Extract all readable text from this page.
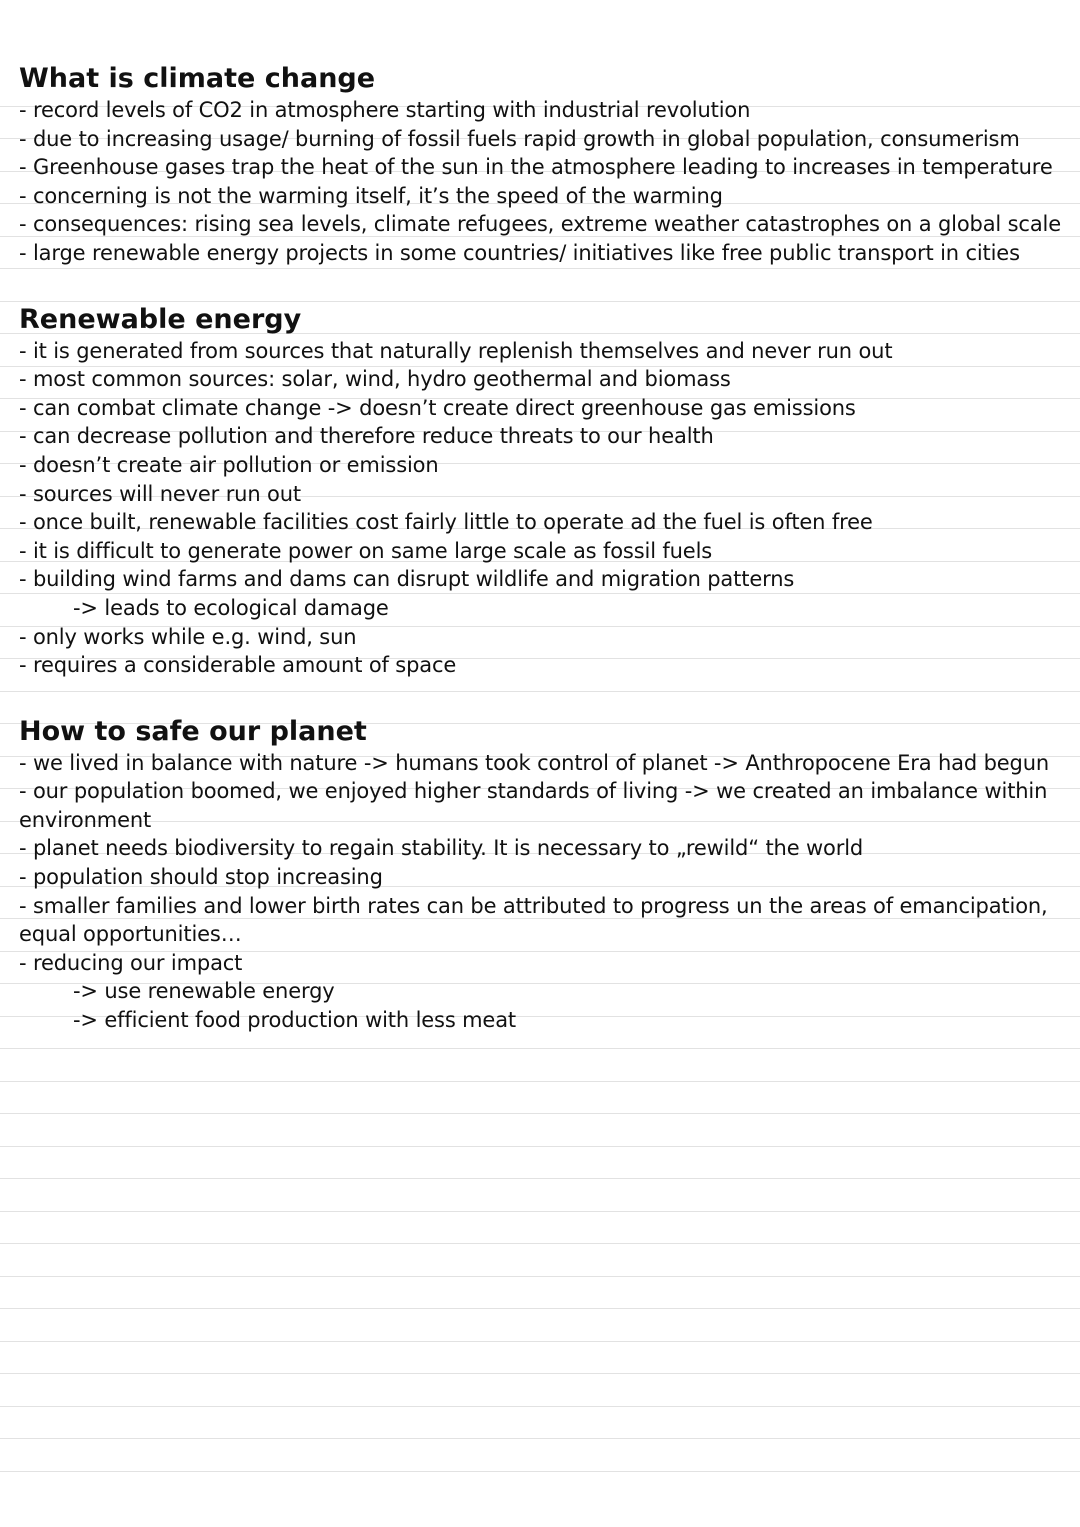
What is climate change
- record levels of CO2 in atmosphere starting with industrial revolution
- due to increasing usage/ burning of fossil fuels rapid growth in global population, consumerism
- Greenhouse gases trap the heat of the sun in the atmosphere leading to increases in temperature
- concerning is not the warming itself, it’s the speed of the warming
- consequences: rising sea levels, climate refugees, extreme weather catastrophes on a global scale
- large renewable energy projects in some countries/ initiatives like free public transport in cities
Renewable energy
- it is generated from sources that naturally replenish themselves and never run out
- most common sources: solar, wind, hydro geothermal and biomass
- can combat climate change -> doesn’t create direct greenhouse gas emissions
- can decrease pollution and therefore reduce threats to our health
- doesn’t create air pollution or emission
- sources will never run out
- once built, renewable facilities cost fairly little to operate ad the fuel is often free
- it is difficult to generate power on same large scale as fossil fuels
- building wind farms and dams can disrupt wildlife and migration patterns
-> leads to ecological damage
- only works while e.g. wind, sun
- requires a considerable amount of space
How to safe our planet
- we lived in balance with nature -> humans took control of planet -> Anthropocene Era had begun
- our population boomed, we enjoyed higher standards of living -> we created an imbalance within
environment
- planet needs biodiversity to regain stability. It is necessary to „rewild“ the world
- population should stop increasing
- smaller families and lower birth rates can be attributed to progress un the areas of emancipation,
equal opportunities…
- reducing our impact
-> use renewable energy
-> efficient food production with less meat
